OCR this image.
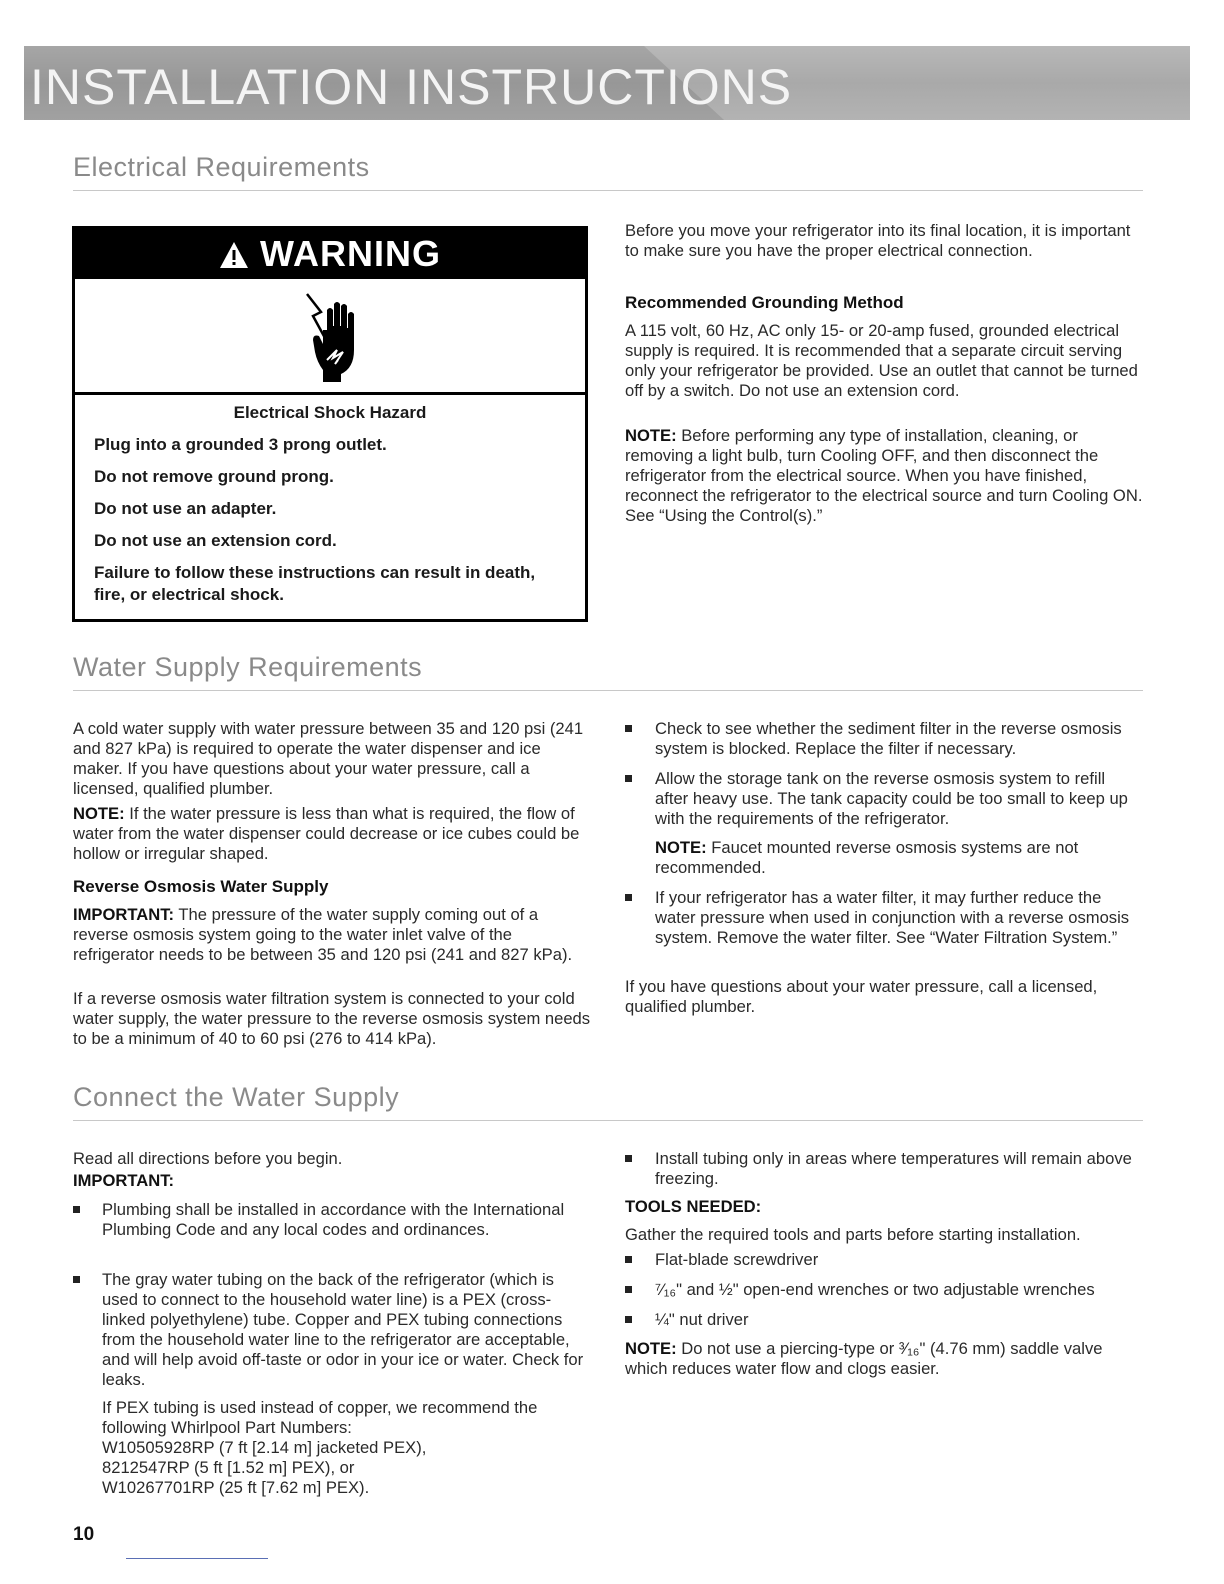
INSTALLATION INSTRUCTIONS
Electrical Requirements
WARNING
Electrical Shock Hazard
Plug into a grounded 3 prong outlet.
Do not remove ground prong.
Do not use an adapter.
Do not use an extension cord.
Failure to follow these instructions can result in death,
fire, or electrical shock.
Before you move your refrigerator into its final location, it is important to make sure you have the proper electrical connection.
Recommended Grounding Method
A 115 volt, 60 Hz, AC only 15- or 20-amp fused, grounded electrical supply is required. It is recommended that a separate circuit serving only your refrigerator be provided. Use an outlet that cannot be turned off by a switch. Do not use an extension cord.
NOTE: Before performing any type of installation, cleaning, or removing a light bulb, turn Cooling OFF, and then disconnect the refrigerator from the electrical source. When you have finished, reconnect the refrigerator to the electrical source and turn Cooling ON. See “Using the Control(s).”
Water Supply Requirements
A cold water supply with water pressure between 35 and 120 psi (241 and 827 kPa) is required to operate the water dispenser and ice maker. If you have questions about your water pressure, call a licensed, qualified plumber.
NOTE: If the water pressure is less than what is required, the flow of water from the water dispenser could decrease or ice cubes could be hollow or irregular shaped.
Reverse Osmosis Water Supply
IMPORTANT: The pressure of the water supply coming out of a reverse osmosis system going to the water inlet valve of the refrigerator needs to be between 35 and 120 psi (241 and 827 kPa).
If a reverse osmosis water filtration system is connected to your cold water supply, the water pressure to the reverse osmosis system needs to be a minimum of 40 to 60 psi (276 to 414 kPa).
Check to see whether the sediment filter in the reverse osmosis system is blocked. Replace the filter if necessary.
Allow the storage tank on the reverse osmosis system to refill after heavy use. The tank capacity could be too small to keep up with the requirements of the refrigerator.
NOTE: Faucet mounted reverse osmosis systems are not recommended.
If your refrigerator has a water filter, it may further reduce the water pressure when used in conjunction with a reverse osmosis system. Remove the water filter. See “Water Filtration System.”
If you have questions about your water pressure, call a licensed, qualified plumber.
Connect the Water Supply
Read all directions before you begin.
IMPORTANT:
Plumbing shall be installed in accordance with the International Plumbing Code and any local codes and ordinances.
The gray water tubing on the back of the refrigerator (which is used to connect to the household water line) is a PEX (cross-linked polyethylene) tube. Copper and PEX tubing connections from the household water line to the refrigerator are acceptable, and will help avoid off-taste or odor in your ice or water. Check for leaks.
If PEX tubing is used instead of copper, we recommend the following Whirlpool Part Numbers:
W10505928RP (7 ft [2.14 m] jacketed PEX),
8212547RP (5 ft [1.52 m] PEX), or
W10267701RP (25 ft [7.62 m] PEX).
Install tubing only in areas where temperatures will remain above freezing.
TOOLS NEEDED:
Gather the required tools and parts before starting installation.
Flat-blade screwdriver
⁷⁄₁₆" and ½" open-end wrenches or two adjustable wrenches
¼" nut driver
NOTE: Do not use a piercing-type or ³⁄₁₆" (4.76 mm) saddle valve which reduces water flow and clogs easier.
10
